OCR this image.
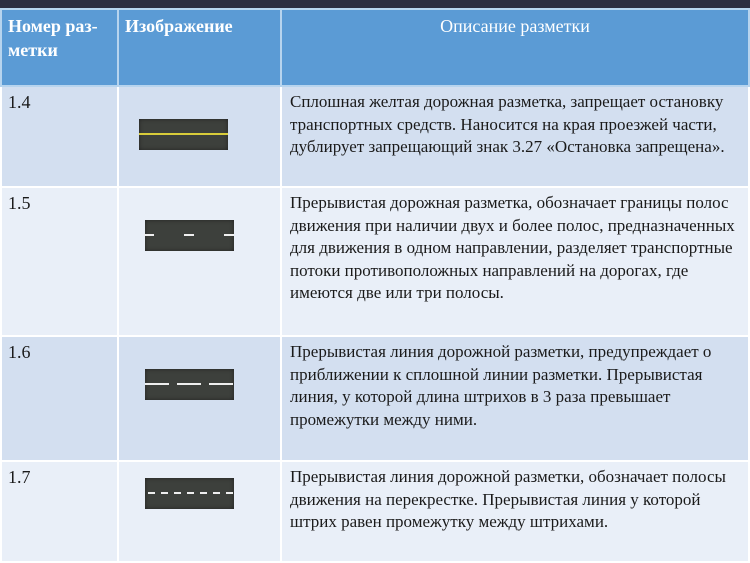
Номер раз-метки	Изображение	Описание разметки
1.4		Сплошная желтая дорожная разметка, запрещает остановку транспортных средств. Наносится на края проезжей части, дублирует запрещающий знак 3.27 «Остановка запрещена».
1.5		Прерывистая дорожная разметка, обозначает границы полос движения при наличии двух и более полос, предназначенных для движения в одном направлении, разделяет транспортные потоки противоположных направлений на дорогах, где имеются две или три полосы.
1.6		Прерывистая линия дорожной разметки, предупреждает о приближении к сплошной линии разметки. Прерывистая линия, у которой длина штрихов в 3 раза превышает промежутки между ними.
1.7		Прерывистая линия дорожной разметки, обозначает полосы движения на перекрестке. Прерывистая линия у которой штрих равен промежутку между штрихами.
